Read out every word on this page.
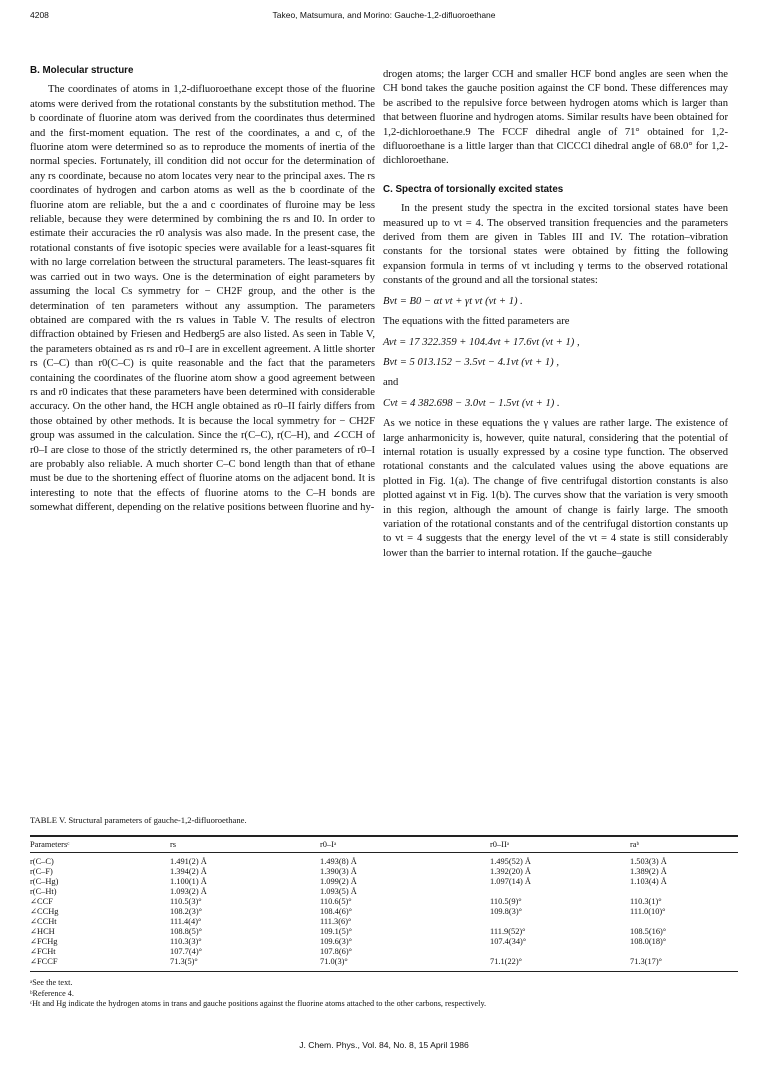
4208	Takeo, Matsumura, and Morino: Gauche-1,2-difluoroethane
B. Molecular structure

The coordinates of atoms in 1,2-difluoroethane except those of the fluorine atoms were derived from the rotational constants by the substitution method. The b coordinate of fluorine atom was derived from the coordinates thus determined and the first-moment equation. The rest of the coordinates, a and c, of the fluorine atom were determined so as to reproduce the moments of inertia of the normal species. Fortunately, ill condition did not occur for the determination of any rs coordinate, because no atom locates very near to the principal axes. The rs coordinates of hydrogen and carbon atoms as well as the b coordinate of the fluorine atom are reliable, but the a and c coordinates of fluroine may be less reliable, because they were determined by combining the rs and I0. In order to estimate their accuracies the r0 analysis was also made. In the present case, the rotational constants of five isotopic species were available for a least-squares fit with no large correlation between the structural parameters. The least-squares fit was carried out in two ways. One is the determination of eight parameters by assuming the local Cs symmetry for − CH2F group, and the other is the determination of ten parameters without any assumption. The parameters obtained are compared with the rs values in Table V. The results of electron diffraction obtained by Friesen and Hedberg5 are also listed. As seen in Table V, the parameters obtained as rs and r0–I are in excellent agreement. A little shorter rs (C–C) than r0(C–C) is quite reasonable and the fact that the parameters containing the coordinates of the fluorine atom show a good agreement between rs and r0 indicates that these parameters have been determined with considerable accuracy. On the other hand, the HCH angle obtained as r0–II fairly differs from those obtained by other methods. It is because the local symmetry for − CH2F group was assumed in the calculation. Since the r(C–C), r(C–H), and ∠CCH of r0–I are close to those of the strictly determined rs, the other parameters of r0–I are probably also reliable. A much shorter C–C bond length than that of ethane must be due to the shortening effect of fluorine atoms on the adjacent bond. It is interesting to note that the effects of fluorine atoms to the C–H bonds are somewhat different, depending on the relative positions between fluorine and hy-

drogen atoms; the larger CCH and smaller HCF bond angles are seen when the CH bond takes the gauche position against the CF bond. These differences may be ascribed to the repulsive force between hydrogen atoms which is larger than that between fluorine and hydrogen atoms. Similar results have been obtained for 1,2-dichloroethane.9 The FCCF dihedral angle of 71° obtained for 1,2-difluoroethane is a little larger than that ClCCCl dihedral angle of 68.0° for 1,2-dichloroethane.

C. Spectra of torsionally excited states

In the present study the spectra in the excited torsional states have been measured up to vt = 4. The observed transition frequencies and the parameters derived from them are given in Tables III and IV. The rotation–vibration constants for the torsional states were obtained by fitting the following expansion formula in terms of vt including γ terms to the observed rotational constants of the ground and all the torsional states:

Bvt = B0 − αt vt + γt vt (vt + 1) .

The equations with the fitted parameters are

Avt = 17 322.359 + 104.4vt + 17.6vt (vt + 1) ,
Bvt = 5 013.152 − 3.5vt − 4.1vt (vt + 1) ,

and

Cvt = 4 382.698 − 3.0vt − 1.5vt (vt + 1) .

As we notice in these equations the γ values are rather large. The existence of large anharmonicity is, however, quite natural, considering that the potential of internal rotation is usually expressed by a cosine type function. The observed rotational constants and the calculated values using the above equations are plotted in Fig. 1(a). The change of five centrifugal distortion constants is also plotted against vt in Fig. 1(b). The curves show that the variation is very smooth in this region, although the amount of change is fairly large. The smooth variation of the rotational constants and of the centrifugal distortion constants up to vt = 4 suggests that the energy level of the vt = 4 state is still considerably lower than the barrier to internal rotation. If the gauche–gauche

TABLE V. Structural parameters of gauche-1,2-difluoroethane.
Parametersᶜ	rs	r0–Iᵃ	r0–IIᵃ	raᵇ
r(C–C)	1.491(2) Å	1.493(8) Å	1.495(52) Å	1.503(3) Å
r(C–F)	1.394(2) Å	1.390(3) Å	1.392(20) Å	1.389(2) Å
r(C–Hg)	1.100(1) Å	1.099(2) Å	1.097(14) Å	1.103(4) Å
r(C–Ht)	1.093(2) Å	1.093(5) Å		
∠CCF	110.5(3)°	110.6(5)°	110.5(9)°	110.3(1)°
∠CCHg	108.2(3)°	108.4(6)°	109.8(3)°	111.0(10)°
∠CCHt	111.4(4)°	111.3(6)°		
∠HCH	108.8(5)°	109.1(5)°	111.9(52)°	108.5(16)°
∠FCHg	110.3(3)°	109.6(3)°	107.4(34)°	108.0(18)°
∠FCHt	107.7(4)°	107.8(6)°		
∠FCCF	71.3(5)°	71.0(3)°	71.1(22)°	71.3(17)°
ᵃSee the text.
ᵇReference 4.
ᶜHt and Hg indicate the hydrogen atoms in trans and gauche positions against the fluorine atoms attached to the other carbons, respectively.
J. Chem. Phys., Vol. 84, No. 8, 15 April 1986
